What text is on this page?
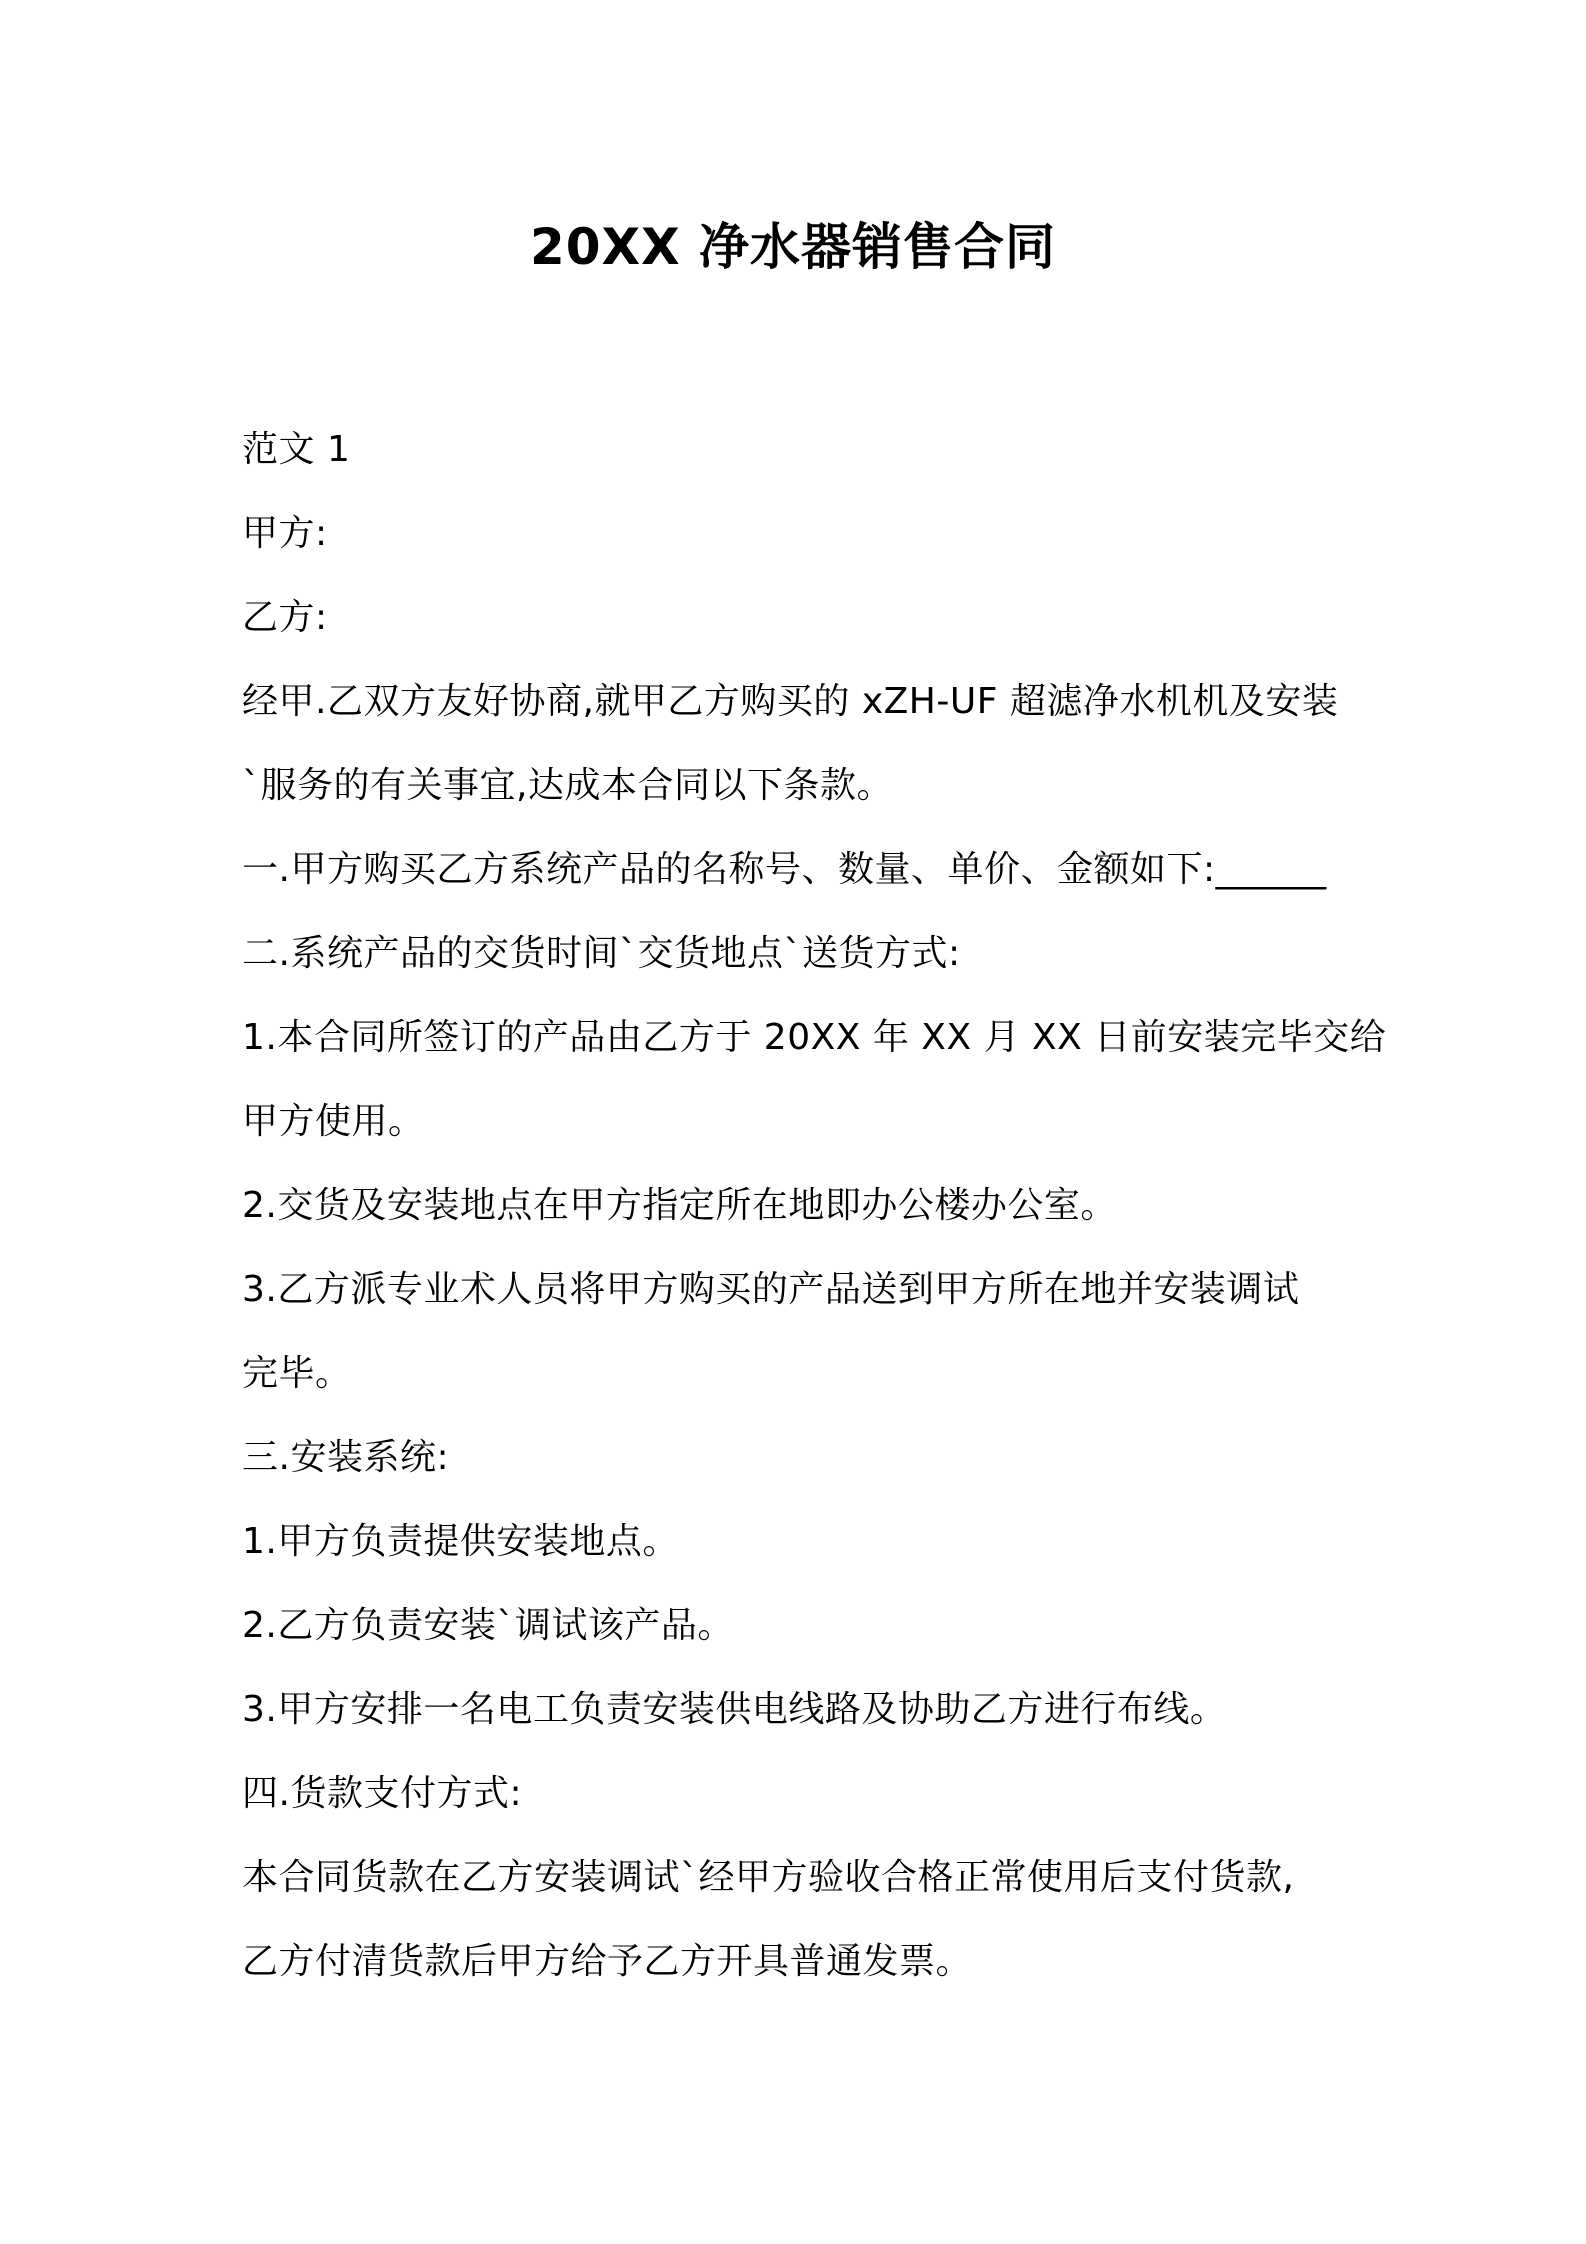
20XX 净水器销售合同
范文 1
甲方:
乙方:
经甲.乙双方友好协商,就甲乙方购买的 xZH-UF 超滤净水机机及安装
`服务的有关事宜,达成本合同以下条款。
一.甲方购买乙方系统产品的名称号、数量、单价、金额如下:______
二.系统产品的交货时间`交货地点`送货方式:
1.本合同所签订的产品由乙方于 20XX 年 XX 月 XX 日前安装完毕交给
甲方使用。
2.交货及安装地点在甲方指定所在地即办公楼办公室。
3.乙方派专业术人员将甲方购买的产品送到甲方所在地并安装调试
完毕。
三.安装系统:
1.甲方负责提供安装地点。
2.乙方负责安装`调试该产品。
3.甲方安排一名电工负责安装供电线路及协助乙方进行布线。
四.货款支付方式:
本合同货款在乙方安装调试`经甲方验收合格正常使用后支付货款,
乙方付清货款后甲方给予乙方开具普通发票。
